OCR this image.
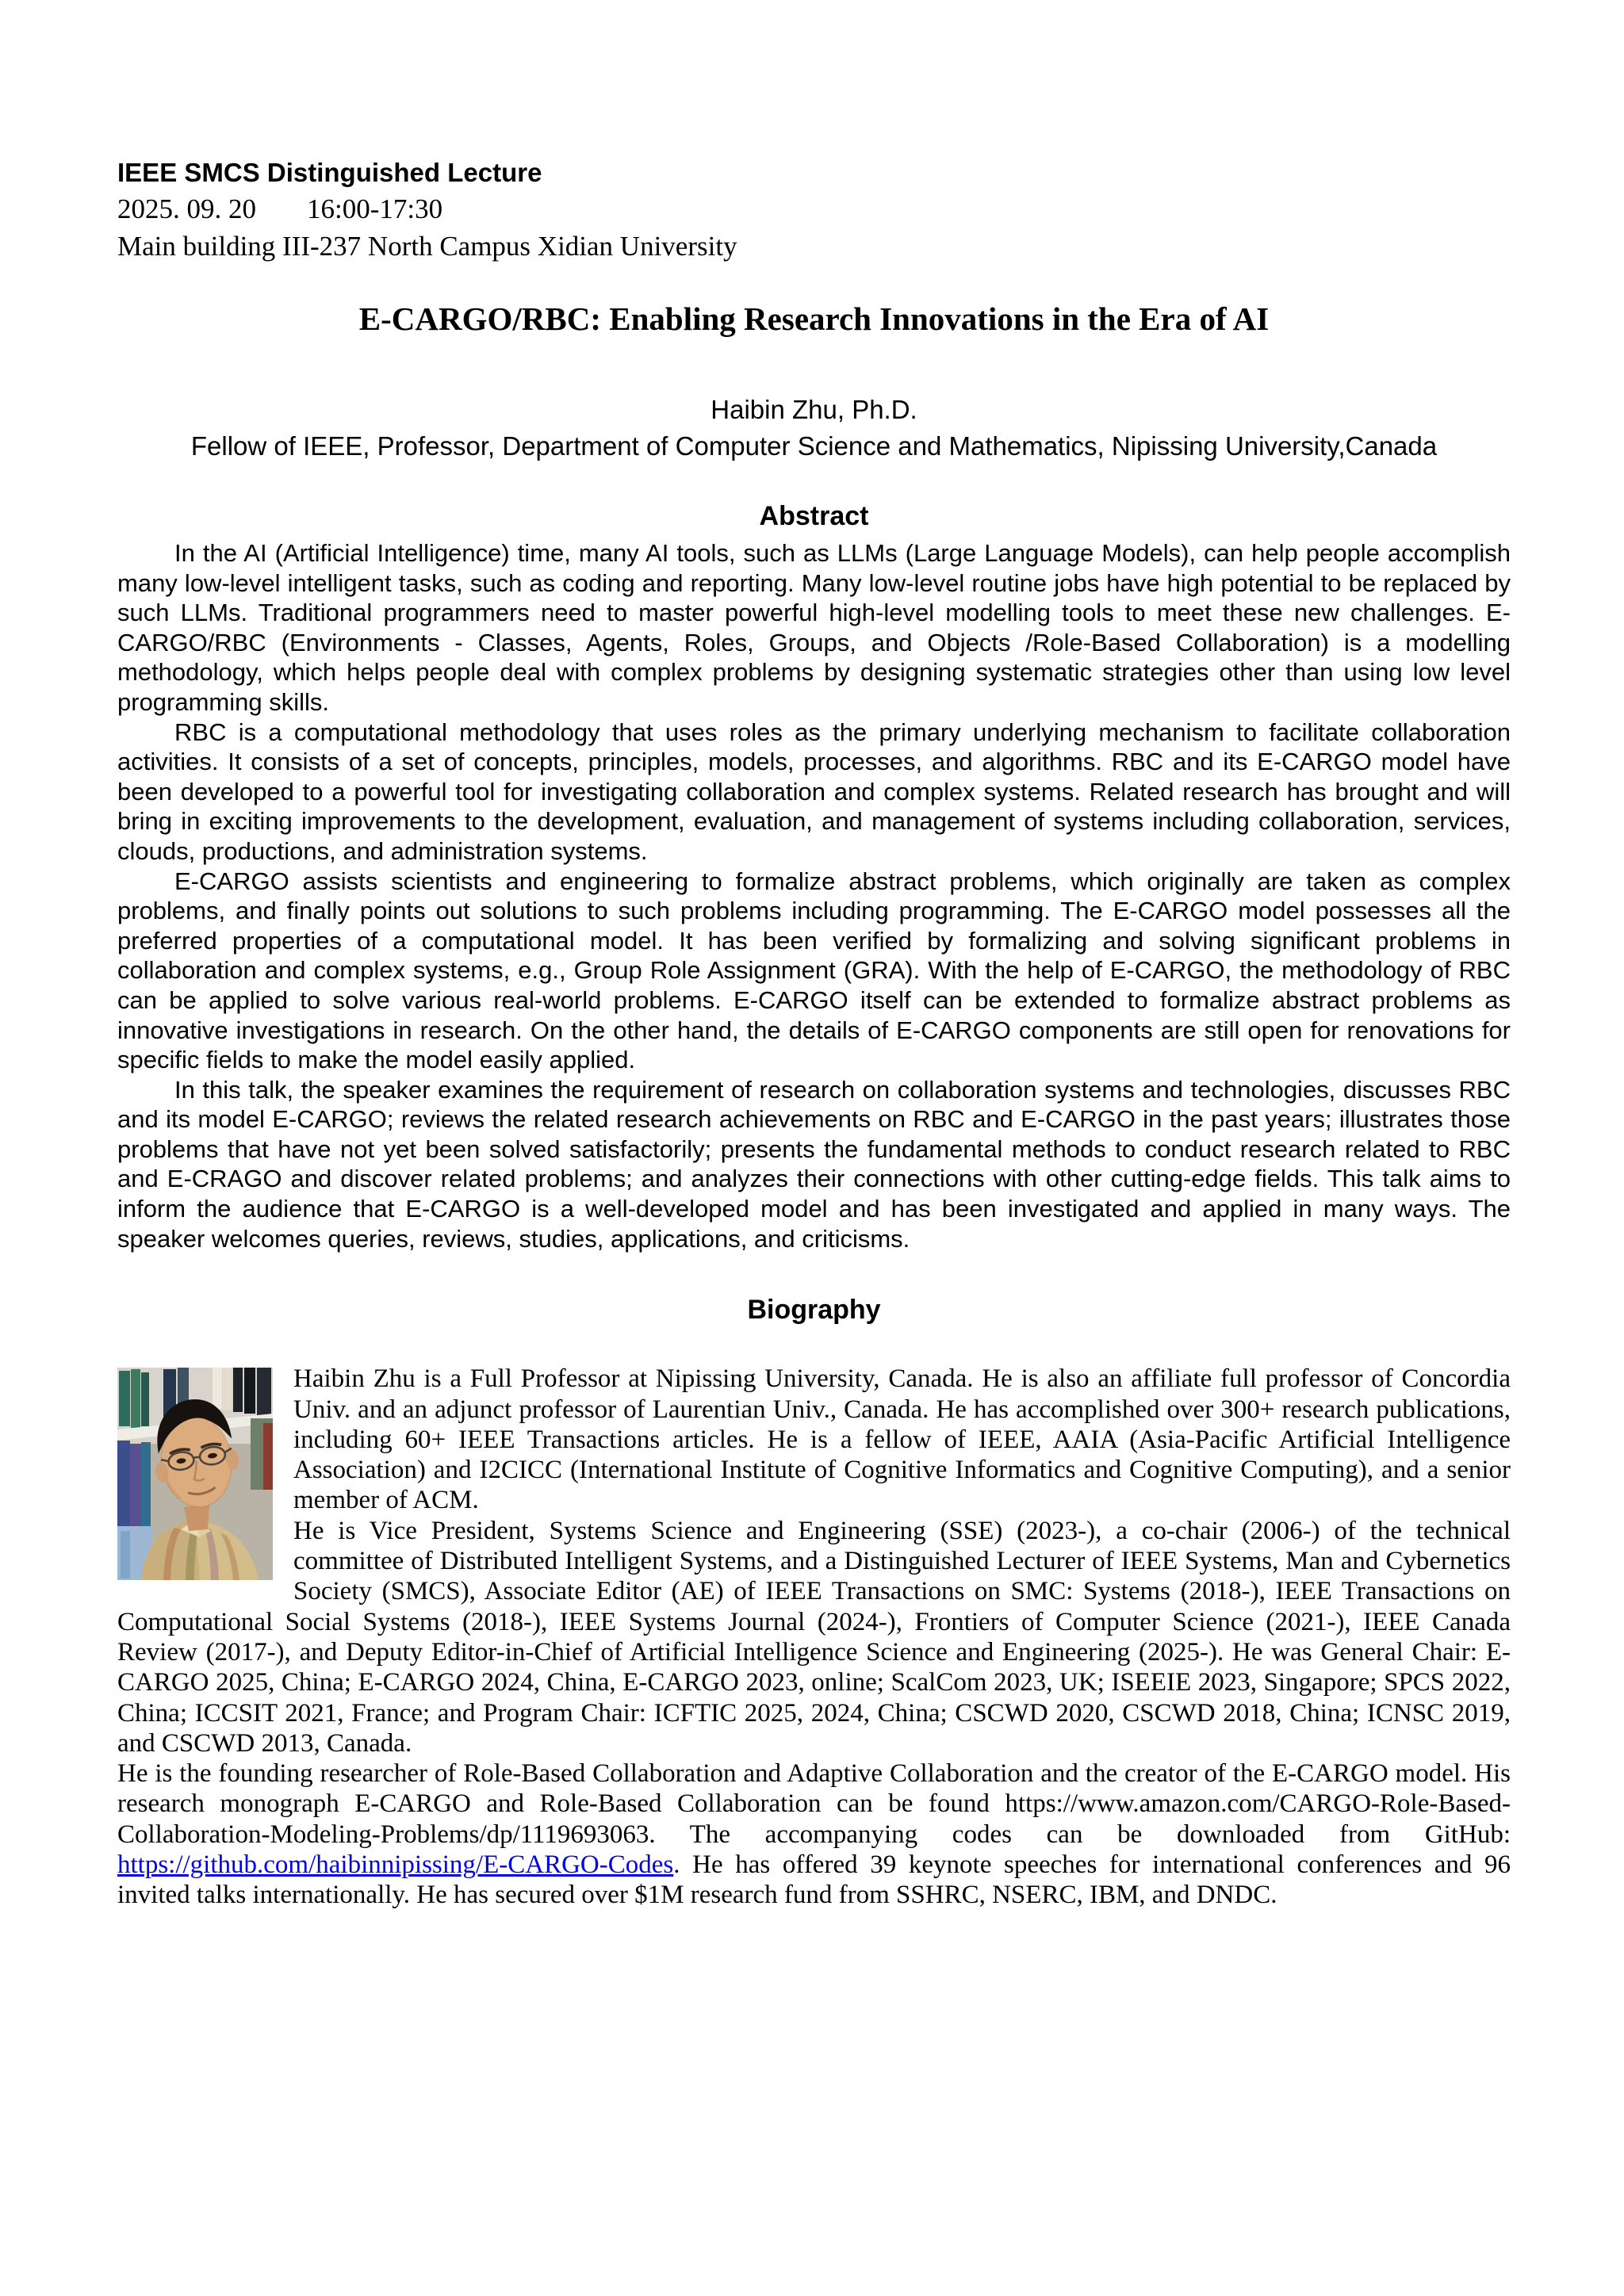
IEEE SMCS Distinguished Lecture
2025. 09. 20 16:00-17:30
Main building III-237 North Campus Xidian University
E-CARGO/RBC: Enabling Research Innovations in the Era of AI
Haibin Zhu, Ph.D.
Fellow of IEEE, Professor, Department of Computer Science and Mathematics, Nipissing University,Canada
Abstract

In the AI (Artificial Intelligence) time, many AI tools, such as LLMs (Large Language Models), can help people accomplish many low-level intelligent tasks, such as coding and reporting. Many low-level routine jobs have high potential to be replaced by such LLMs. Traditional programmers need to master powerful high-level modelling tools to meet these new challenges. E-CARGO/RBC (Environments - Classes, Agents, Roles, Groups, and Objects /Role-Based Collaboration) is a modelling methodology, which helps people deal with complex problems by designing systematic strategies other than using low level programming skills.

RBC is a computational methodology that uses roles as the primary underlying mechanism to facilitate collaboration activities. It consists of a set of concepts, principles, models, processes, and algorithms. RBC and its E-CARGO model have been developed to a powerful tool for investigating collaboration and complex systems. Related research has brought and will bring in exciting improvements to the development, evaluation, and management of systems including collaboration, services, clouds, productions, and administration systems.

E-CARGO assists scientists and engineering to formalize abstract problems, which originally are taken as complex problems, and finally points out solutions to such problems including programming. The E-CARGO model possesses all the preferred properties of a computational model. It has been verified by formalizing and solving significant problems in collaboration and complex systems, e.g., Group Role Assignment (GRA). With the help of E-CARGO, the methodology of RBC can be applied to solve various real-world problems. E-CARGO itself can be extended to formalize abstract problems as innovative investigations in research. On the other hand, the details of E-CARGO components are still open for renovations for specific fields to make the model easily applied.

In this talk, the speaker examines the requirement of research on collaboration systems and technologies, discusses RBC and its model E-CARGO; reviews the related research achievements on RBC and E-CARGO in the past years; illustrates those problems that have not yet been solved satisfactorily; presents the fundamental methods to conduct research related to RBC and E-CRAGO and discover related problems; and analyzes their connections with other cutting-edge fields. This talk aims to inform the audience that E-CARGO is a well-developed model and has been investigated and applied in many ways. The speaker welcomes queries, reviews, studies, applications, and criticisms.

Biography

Haibin Zhu is a Full Professor at Nipissing University, Canada. He is also an affiliate full professor of Concordia Univ. and an adjunct professor of Laurentian Univ., Canada. He has accomplished over 300+ research publications, including 60+ IEEE Transactions articles. He is a fellow of IEEE, AAIA (Asia-Pacific Artificial Intelligence Association) and I2CICC (International Institute of Cognitive Informatics and Cognitive Computing), and a senior member of ACM.

He is Vice President, Systems Science and Engineering (SSE) (2023-), a co-chair (2006-) of the technical committee of Distributed Intelligent Systems, and a Distinguished Lecturer of IEEE Systems, Man and Cybernetics Society (SMCS), Associate Editor (AE) of IEEE Transactions on SMC: Systems (2018-), IEEE Transactions on Computational Social Systems (2018-), IEEE Systems Journal (2024-), Frontiers of Computer Science (2021-), IEEE Canada Review (2017-), and Deputy Editor-in-Chief of Artificial Intelligence Science and Engineering (2025-). He was General Chair: E-CARGO 2025, China; E-CARGO 2024, China, E-CARGO 2023, online; ScalCom 2023, UK; ISEEIE 2023, Singapore; SPCS 2022, China; ICCSIT 2021, France; and Program Chair: ICFTIC 2025, 2024, China; CSCWD 2020, CSCWD 2018, China; ICNSC 2019, and CSCWD 2013, Canada.

He is the founding researcher of Role-Based Collaboration and Adaptive Collaboration and the creator of the E-CARGO model. His research monograph E-CARGO and Role-Based Collaboration can be found https://www.amazon.com/CARGO-Role-Based-Collaboration-Modeling-Problems/dp/1119693063. The accompanying codes can be downloaded from GitHub: https://github.com/haibinnipissing/E-CARGO-Codes. He has offered 39 keynote speeches for international conferences and 96 invited talks internationally. He has secured over $1M research fund from SSHRC, NSERC, IBM, and DNDC.
